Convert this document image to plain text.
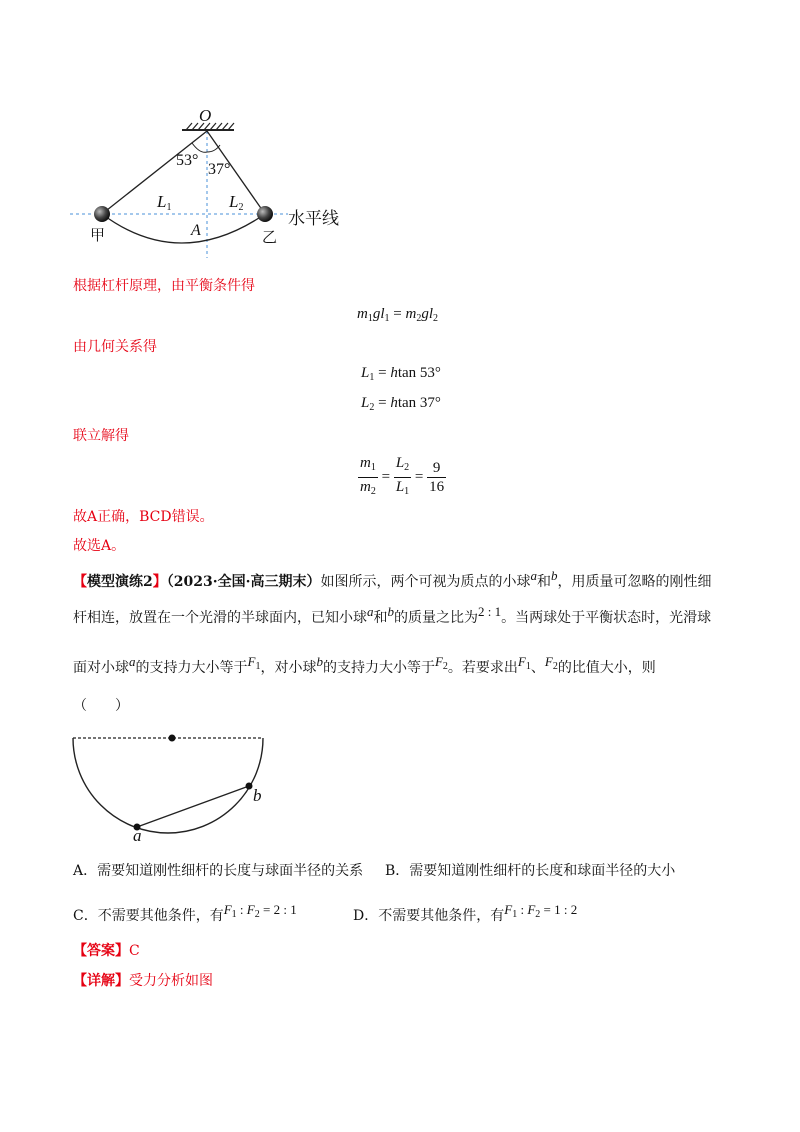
O
53°
37°
$L_1$	$L_2$
A
甲	乙
水平线
根据杠杆原理，由平衡条件得
$m_1gl_1 = m_2gl_2$
由几何关系得
$L_1 = htan$ 53°
$L_2 = htan$ 37°
联立解得
$\frac{m_1}{m_2} = \frac{L_2}{L_1} = \frac{9}{16}$
故A正确，BCD错误。
故选A。
【模型演练2】（2023·全国·高三期末）如图所示，两个可视为质点的小球a和b，用质量可忽略的刚性细
杆相连，放置在一个光滑的半球面内，已知小球a和b的质量之比为2 : 1。当两球处于平衡状态时，光滑球
面对小球a的支持力大小等于$F_1$，对小球b的支持力大小等于$F_2$。若要求出$F_1$、$F_2$的比值大小，则
（　　）
a
b
A．需要知道刚性细杆的长度与球面半径的关系 B．需要知道刚性细杆的长度和球面半径的大小
C．不需要其他条件，有$F_1$ : $F_2 = 2$ : 1	D．不需要其他条件，有$F_1$ : $F_2 = 1$ : 2
【答案】C
【详解】受力分析如图
